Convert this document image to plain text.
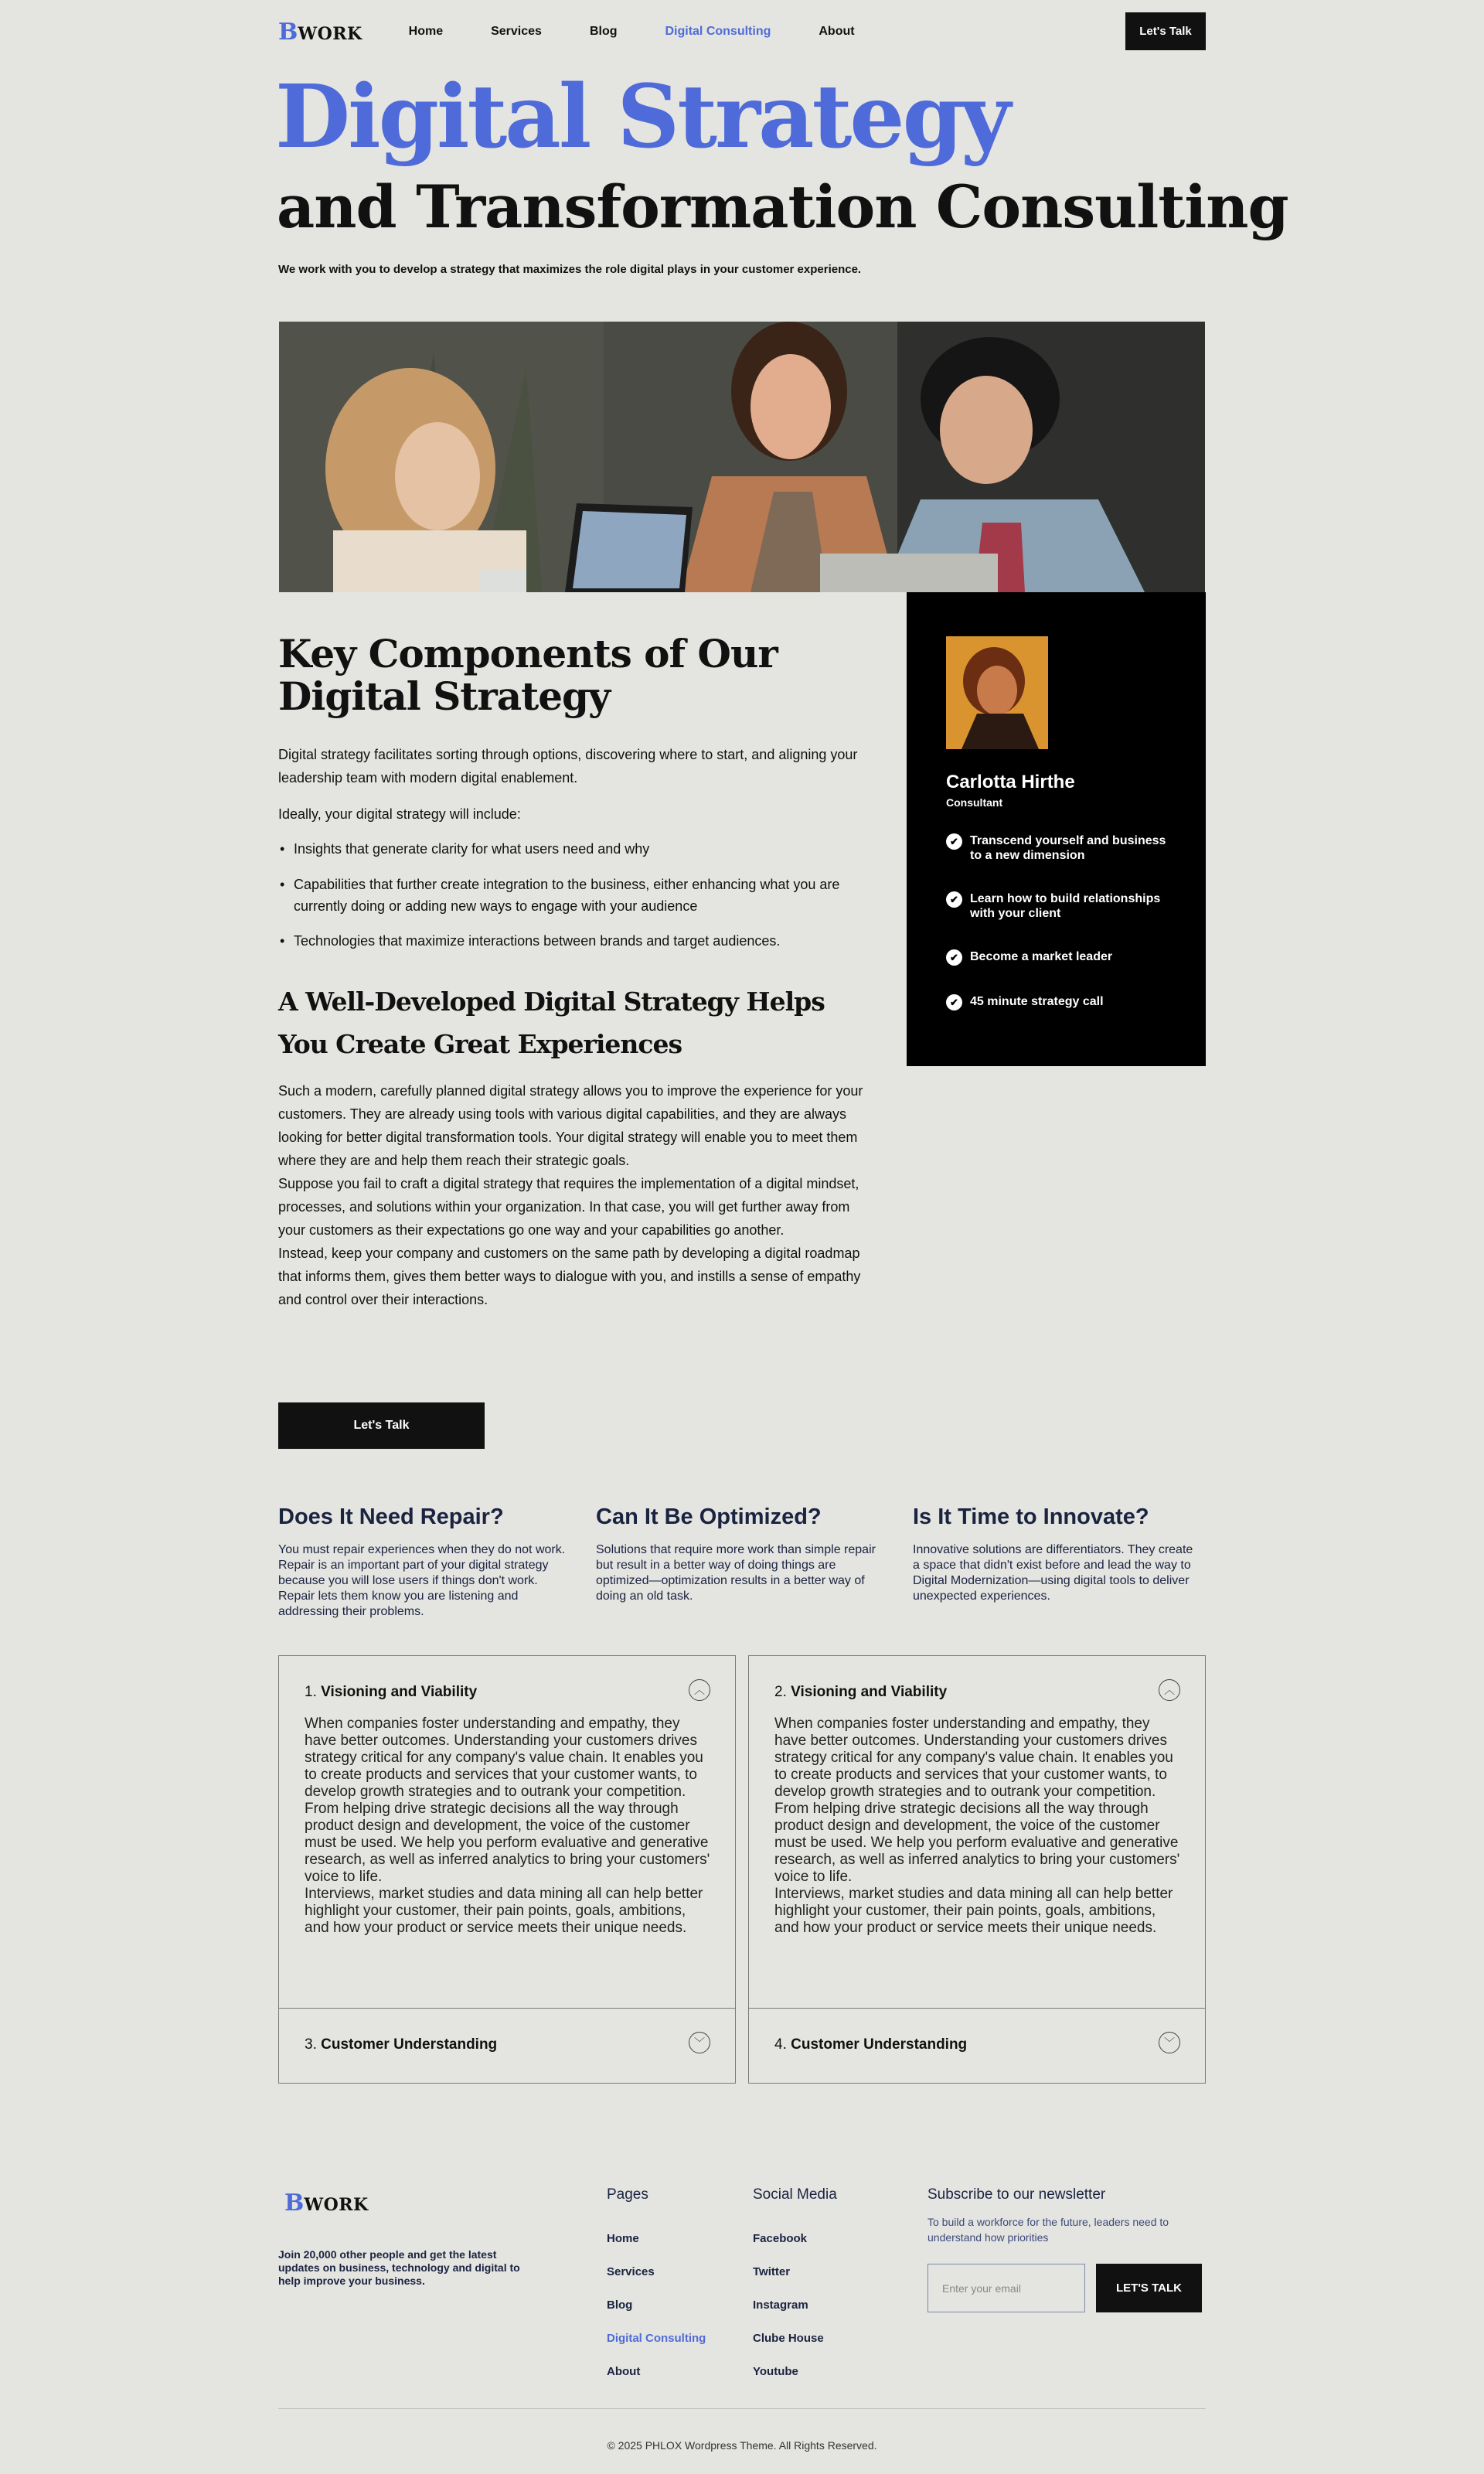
B WORK	Home	Services	Blog	Digital Consulting	About	Let's Talk
Digital Strategy
and Transformation Consulting
We work with you to develop a strategy that maximizes the role digital plays in your customer experience.
Carlotta Hirthe
Consultant
✔ Transcend yourself and business to a new dimension
✔ Learn how to build relationships with your client
✔ Become a market leader
✔ 45 minute strategy call
Key Components of Our Digital Strategy

Digital strategy facilitates sorting through options, discovering where to start, and aligning your leadership team with modern digital enablement.

Ideally, your digital strategy will include:

• Insights that generate clarity for what users need and why
• Capabilities that further create integration to the business, either enhancing what you are currently doing or adding new ways to engage with your audience
• Technologies that maximize interactions between brands and target audiences.
A Well-Developed Digital Strategy Helps You Create Great Experiences
Such a modern, carefully planned digital strategy allows you to improve the experience for your customers. They are already using tools with various digital capabilities, and they are always looking for better digital transformation tools. Your digital strategy will enable you to meet them where they are and help them reach their strategic goals.
Suppose you fail to craft a digital strategy that requires the implementation of a digital mindset, processes, and solutions within your organization. In that case, you will get further away from your customers as their expectations go one way and your capabilities go another.
Instead, keep your company and customers on the same path by developing a digital roadmap that informs them, gives them better ways to dialogue with you, and instills a sense of empathy and control over their interactions.
Let's Talk
Does It Need Repair?

You must repair experiences when they do not work. Repair is an important part of your digital strategy because you will lose users if things don't work. Repair lets them know you are listening and addressing their problems.

Can It Be Optimized?

Solutions that require more work than simple repair but result in a better way of doing things are optimized—optimization results in a better way of doing an old task.

Is It Time to Innovate?

Innovative solutions are differentiators. They create a space that didn't exist before and lead the way to Digital Modernization—using digital tools to deliver unexpected experiences.

1. Visioning and Viability	︿
When companies foster understanding and empathy, they have better outcomes. Understanding your customers drives strategy critical for any company's value chain. It enables you to create products and services that your customer wants, to develop growth strategies and to outrank your competition.
From helping drive strategic decisions all the way through product design and development, the voice of the customer must be used. We help you perform evaluative and generative research, as well as inferred analytics to bring your customers' voice to life.
Interviews, market studies and data mining all can help better highlight your customer, their pain points, goals, ambitions, and how your product or service meets their unique needs.
2. Visioning and Viability	︿
When companies foster understanding and empathy, they have better outcomes. Understanding your customers drives strategy critical for any company's value chain. It enables you to create products and services that your customer wants, to develop growth strategies and to outrank your competition.
From helping drive strategic decisions all the way through product design and development, the voice of the customer must be used. We help you perform evaluative and generative research, as well as inferred analytics to bring your customers' voice to life.
Interviews, market studies and data mining all can help better highlight your customer, their pain points, goals, ambitions, and how your product or service meets their unique needs.
3. Customer Understanding	﹀	4. Customer Understanding	﹀
B WORK
Join 20,000 other people and get the latest updates on business, technology and digital to help improve your business.
Pages
Home
Services
Blog
Digital Consulting
About
Social Media
Facebook
Twitter
Instagram
Clube House
Youtube
Subscribe to our newsletter
To build a workforce for the future, leaders need to understand how priorities
Enter your email	LET'S TALK
© 2025 PHLOX Wordpress Theme. All Rights Reserved.
